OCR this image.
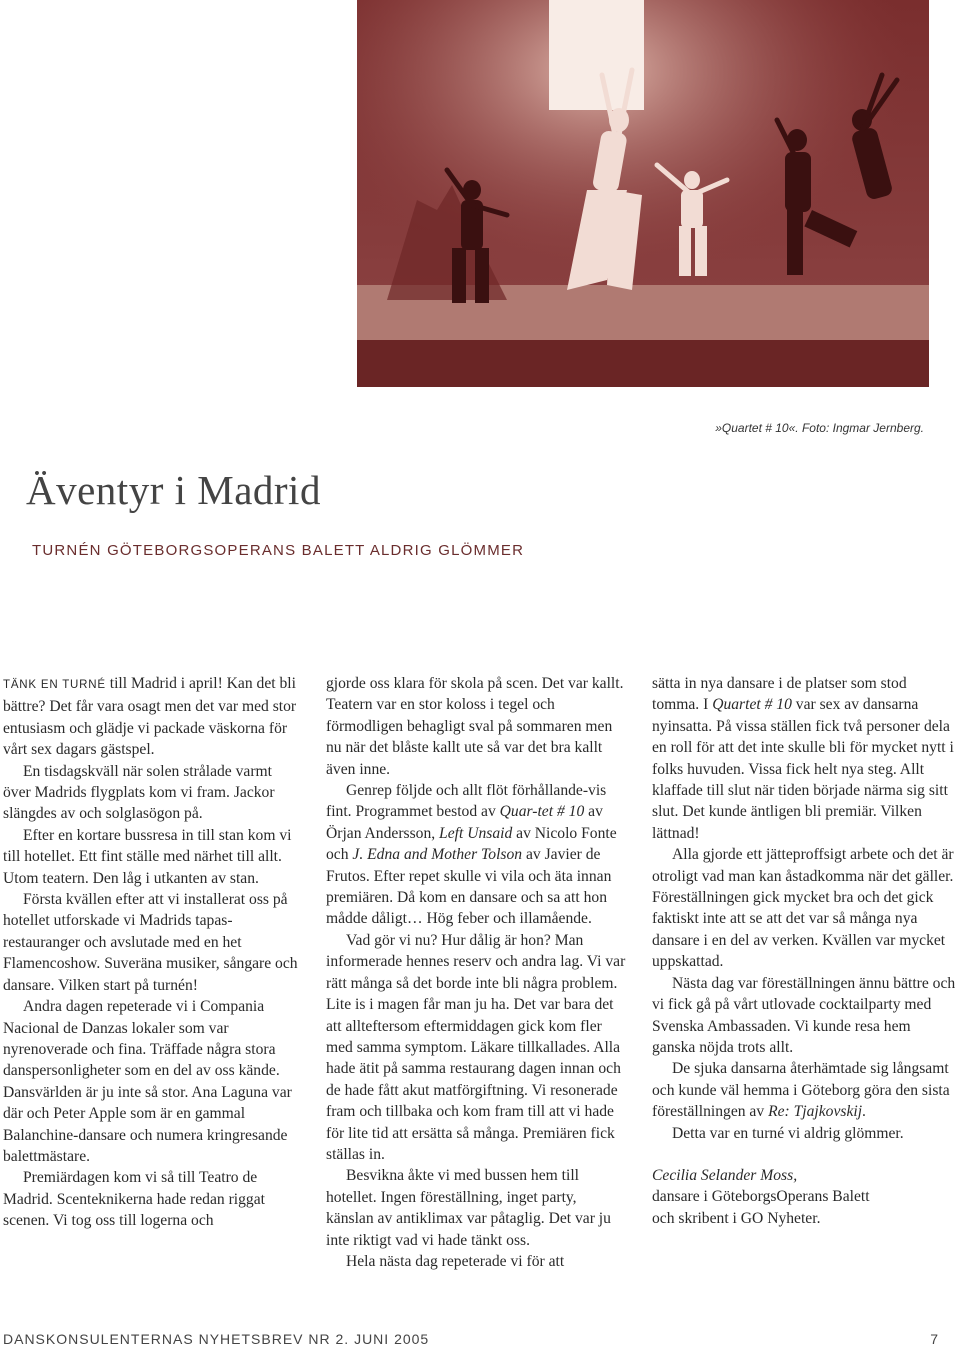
»Quartet # 10«. Foto: Ingmar Jernberg.
Äventyr i Madrid
TURNÉN GÖTEBORGSOPERANS BALETT ALDRIG GLÖMMER

TÄNK EN TURNÉ till Madrid i april! Kan det bli bättre? Det får vara osagt men det var med stor entusiasm och glädje vi packade väskorna för vårt sex dagars gästspel.

En tisdagskväll när solen strålade varmt över Madrids flygplats kom vi fram. Jackor slängdes av och solglasögon på.

Efter en kortare bussresa in till stan kom vi till hotellet. Ett fint ställe med närhet till allt. Utom teatern. Den låg i utkanten av stan.

Första kvällen efter att vi installerat oss på hotellet utforskade vi Madrids tapas-restauranger och avslutade med en het Flamencoshow. Suveräna musiker, sångare och dansare. Vilken start på turnén!

Andra dagen repeterade vi i Compania Nacional de Danzas lokaler som var nyrenoverade och fina. Träffade några stora danspersonligheter som en del av oss kände. Dansvärlden är ju inte så stor. Ana Laguna var där och Peter Apple som är en gammal Balanchine-dansare och numera kringresande balettmästare.

Premiärdagen kom vi så till Teatro de Madrid. Scenteknikerna hade redan riggat scenen. Vi tog oss till logerna och

gjorde oss klara för skola på scen. Det var kallt. Teatern var en stor koloss i tegel och förmodligen behagligt sval på sommaren men nu när det blåste kallt ute så var det bra kallt även inne.

Genrep följde och allt flöt förhållande-vis fint. Programmet bestod av Quar-tet # 10 av Örjan Andersson, Left Unsaid av Nicolo Fonte och J. Edna and Mother Tolson av Javier de Frutos. Efter repet skulle vi vila och äta innan premiären. Då kom en dansare och sa att hon mådde dåligt… Hög feber och illamående.

Vad gör vi nu? Hur dålig är hon? Man informerade hennes reserv och andra lag. Vi var rätt många så det borde inte bli några problem. Lite is i magen får man ju ha. Det var bara det att allteftersom eftermiddagen gick kom fler med samma symptom. Läkare tillkallades. Alla hade ätit på samma restaurang dagen innan och de hade fått akut matförgiftning. Vi resonerade fram och tillbaka och kom fram till att vi hade för lite tid att ersätta så många. Premiären fick ställas in.

Besvikna åkte vi med bussen hem till hotellet. Ingen föreställning, inget party, känslan av antiklimax var påtaglig. Det var ju inte riktigt vad vi hade tänkt oss.

Hela nästa dag repeterade vi för att

sätta in nya dansare i de platser som stod tomma. I Quartet # 10 var sex av dansarna nyinsatta. På vissa ställen fick två personer dela en roll för att det inte skulle bli för mycket nytt i folks huvuden. Vissa fick helt nya steg. Allt klaffade till slut när tiden började närma sig sitt slut. Det kunde äntligen bli premiär. Vilken lättnad!

Alla gjorde ett jätteproffsigt arbete och det är otroligt vad man kan åstadkomma när det gäller. Föreställningen gick mycket bra och det gick faktiskt inte att se att det var så många nya dansare i en del av verken. Kvällen var mycket uppskattad.

Nästa dag var föreställningen ännu bättre och vi fick gå på vårt utlovade cocktailparty med Svenska Ambassaden. Vi kunde resa hem ganska nöjda trots allt.

De sjuka dansarna återhämtade sig långsamt och kunde väl hemma i Göteborg göra den sista föreställningen av Re: Tjajkovskij.

Detta var en turné vi aldrig glömmer.

Cecilia Selander Moss,
dansare i GöteborgsOperans Balett
och skribent i GO Nyheter.

DANSKONSULENTERNAS NYHETSBREV NR 2. JUNI 2005	7
